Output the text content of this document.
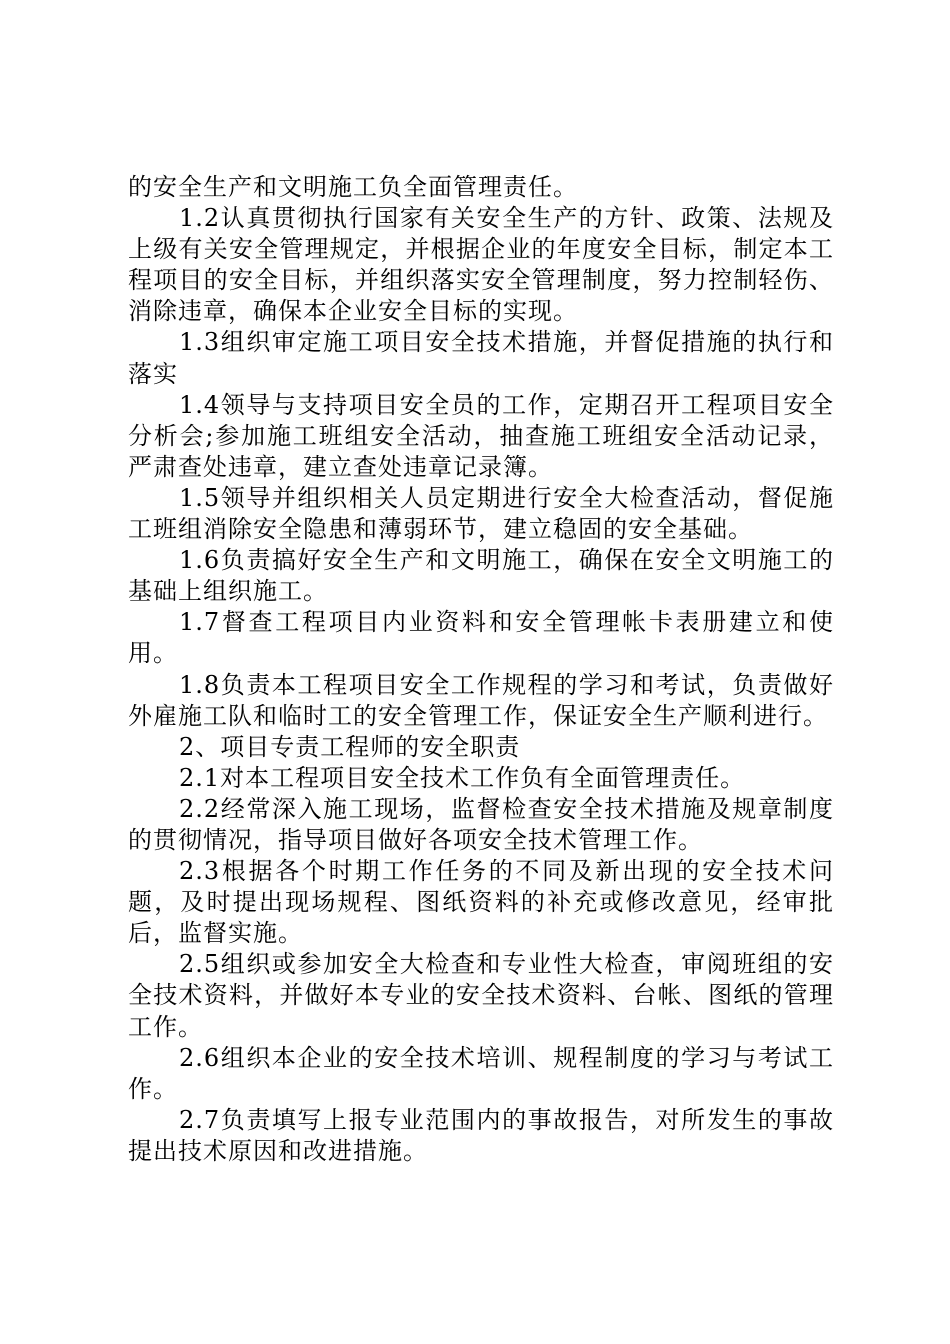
的安全生产和文明施工负全面管理责任。

1.2认真贯彻执行国家有关安全生产的方针、政策、法规及上级有关安全管理规定，并根据企业的年度安全目标，制定本工程项目的安全目标，并组织落实安全管理制度，努力控制轻伤、消除违章，确保本企业安全目标的实现。

1.3组织审定施工项目安全技术措施，并督促措施的执行和落实

1.4领导与支持项目安全员的工作，定期召开工程项目安全分析会;参加施工班组安全活动，抽查施工班组安全活动记录，严肃查处违章，建立查处违章记录簿。

1.5领导并组织相关人员定期进行安全大检查活动，督促施工班组消除安全隐患和薄弱环节，建立稳固的安全基础。

1.6负责搞好安全生产和文明施工，确保在安全文明施工的基础上组织施工。

1.7督查工程项目内业资料和安全管理帐卡表册建立和使用。

1.8负责本工程项目安全工作规程的学习和考试，负责做好外雇施工队和临时工的安全管理工作，保证安全生产顺利进行。

2、项目专责工程师的安全职责

2.1对本工程项目安全技术工作负有全面管理责任。

2.2经常深入施工现场，监督检查安全技术措施及规章制度的贯彻情况，指导项目做好各项安全技术管理工作。

2.3根据各个时期工作任务的不同及新出现的安全技术问题，及时提出现场规程、图纸资料的补充或修改意见，经审批后，监督实施。

2.5组织或参加安全大检查和专业性大检查，审阅班组的安全技术资料，并做好本专业的安全技术资料、台帐、图纸的管理工作。

2.6组织本企业的安全技术培训、规程制度的学习与考试工作。

2.7负责填写上报专业范围内的事故报告，对所发生的事故提出技术原因和改进措施。
